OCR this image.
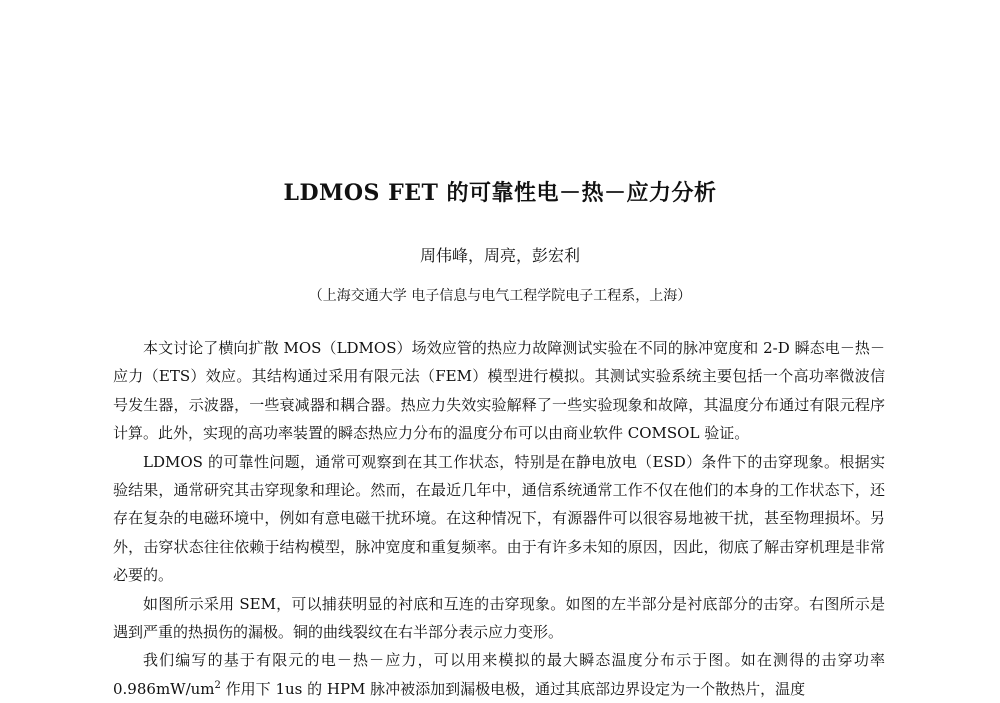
LDMOS FET 的可靠性电－热－应力分析
周伟峰，周亮，彭宏利
（上海交通大学 电子信息与电气工程学院电子工程系，上海）

本文讨论了横向扩散 MOS（LDMOS）场效应管的热应力故障测试实验在不同的脉冲宽度和 2-D 瞬态电－热－应力（ETS）效应。其结构通过采用有限元法（FEM）模型进行模拟。其测试实验系统主要包括一个高功率微波信号发生器，示波器，一些衰减器和耦合器。热应力失效实验解释了一些实验现象和故障，其温度分布通过有限元程序计算。此外，实现的高功率装置的瞬态热应力分布的温度分布可以由商业软件 COMSOL 验证。

LDMOS 的可靠性问题，通常可观察到在其工作状态，特别是在静电放电（ESD）条件下的击穿现象。根据实验结果，通常研究其击穿现象和理论。然而，在最近几年中，通信系统通常工作不仅在他们的本身的工作状态下，还存在复杂的电磁环境中，例如有意电磁干扰环境。在这种情况下，有源器件可以很容易地被干扰，甚至物理损坏。另外，击穿状态往往依赖于结构模型，脉冲宽度和重复频率。由于有许多未知的原因，因此，彻底了解击穿机理是非常必要的。

如图所示采用 SEM，可以捕获明显的衬底和互连的击穿现象。如图的左半部分是衬底部分的击穿。右图所示是遇到严重的热损伤的漏极。铜的曲线裂纹在右半部分表示应力变形。

我们编写的基于有限元的电－热－应力，可以用来模拟的最大瞬态温度分布示于图。如在测得的击穿功率 $0.986mW/um^2$ 作用下 1us 的 HPM 脉冲被添加到漏极电极，通过其底部边界设定为一个散热片，温度
